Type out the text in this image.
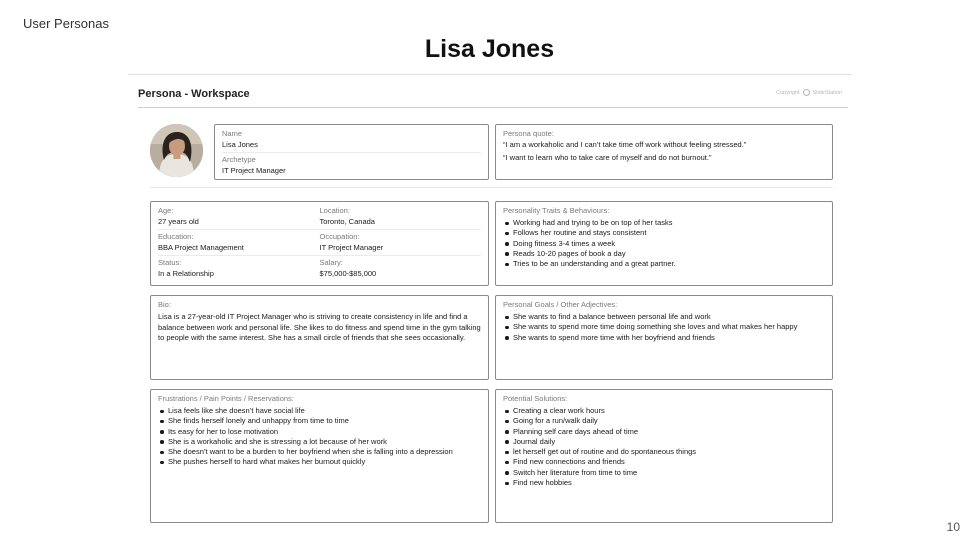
User Personas
Lisa Jones
Persona - Workspace	Copyright SlideStation
Name
Lisa Jones
Archetype
IT Project Manager
Persona quote:
“I am a workaholic and I can’t take time off work without feeling stressed.”
“I want to learn who to take care of myself and do not burnout.”
Age:
27 years old
Location:
Toronto, Canada
Education:
BBA Project Management
Occupation:
IT Project Manager
Status:
In a Relationship
Salary:
$75,000-$85,000
Personality Traits & Behaviours:
Working had and trying to be on top of her tasks
Follows her routine and stays consistent
Doing fitness 3-4 times a week
Reads 10-20 pages of book a day
Tries to be an understanding and a great partner.
Bio:
Lisa is a 27-year-old IT Project Manager who is striving to create consistency in life and find a balance between work and personal life. She likes to do fitness and spend time in the gym talking to people with the same interest. She has a small circle of friends that she sees occasionally.
Personal Goals / Other Adjectives:
She wants to find a balance between personal life and work
She wants to spend more time doing something she loves and what makes her happy
She wants to spend more time with her boyfriend and friends
Frustrations / Pain Points / Reservations:
Lisa feels like she doesn’t have social life
She finds herself lonely and unhappy from time to time
Its easy for her to lose motivation
She is a workaholic and she is stressing a lot because of her work
She doesn’t want to be a burden to her boyfriend when she is falling into a depression
She pushes herself to hard what makes her burnout quickly
Potential Solutions:
Creating a clear work hours
Going for a run/walk daily
Planning self care days ahead of time
Journal daily
let herself get out of routine and do spontaneous things
Find new connections and friends
Switch her literature from time to time
Find new hobbies
10
